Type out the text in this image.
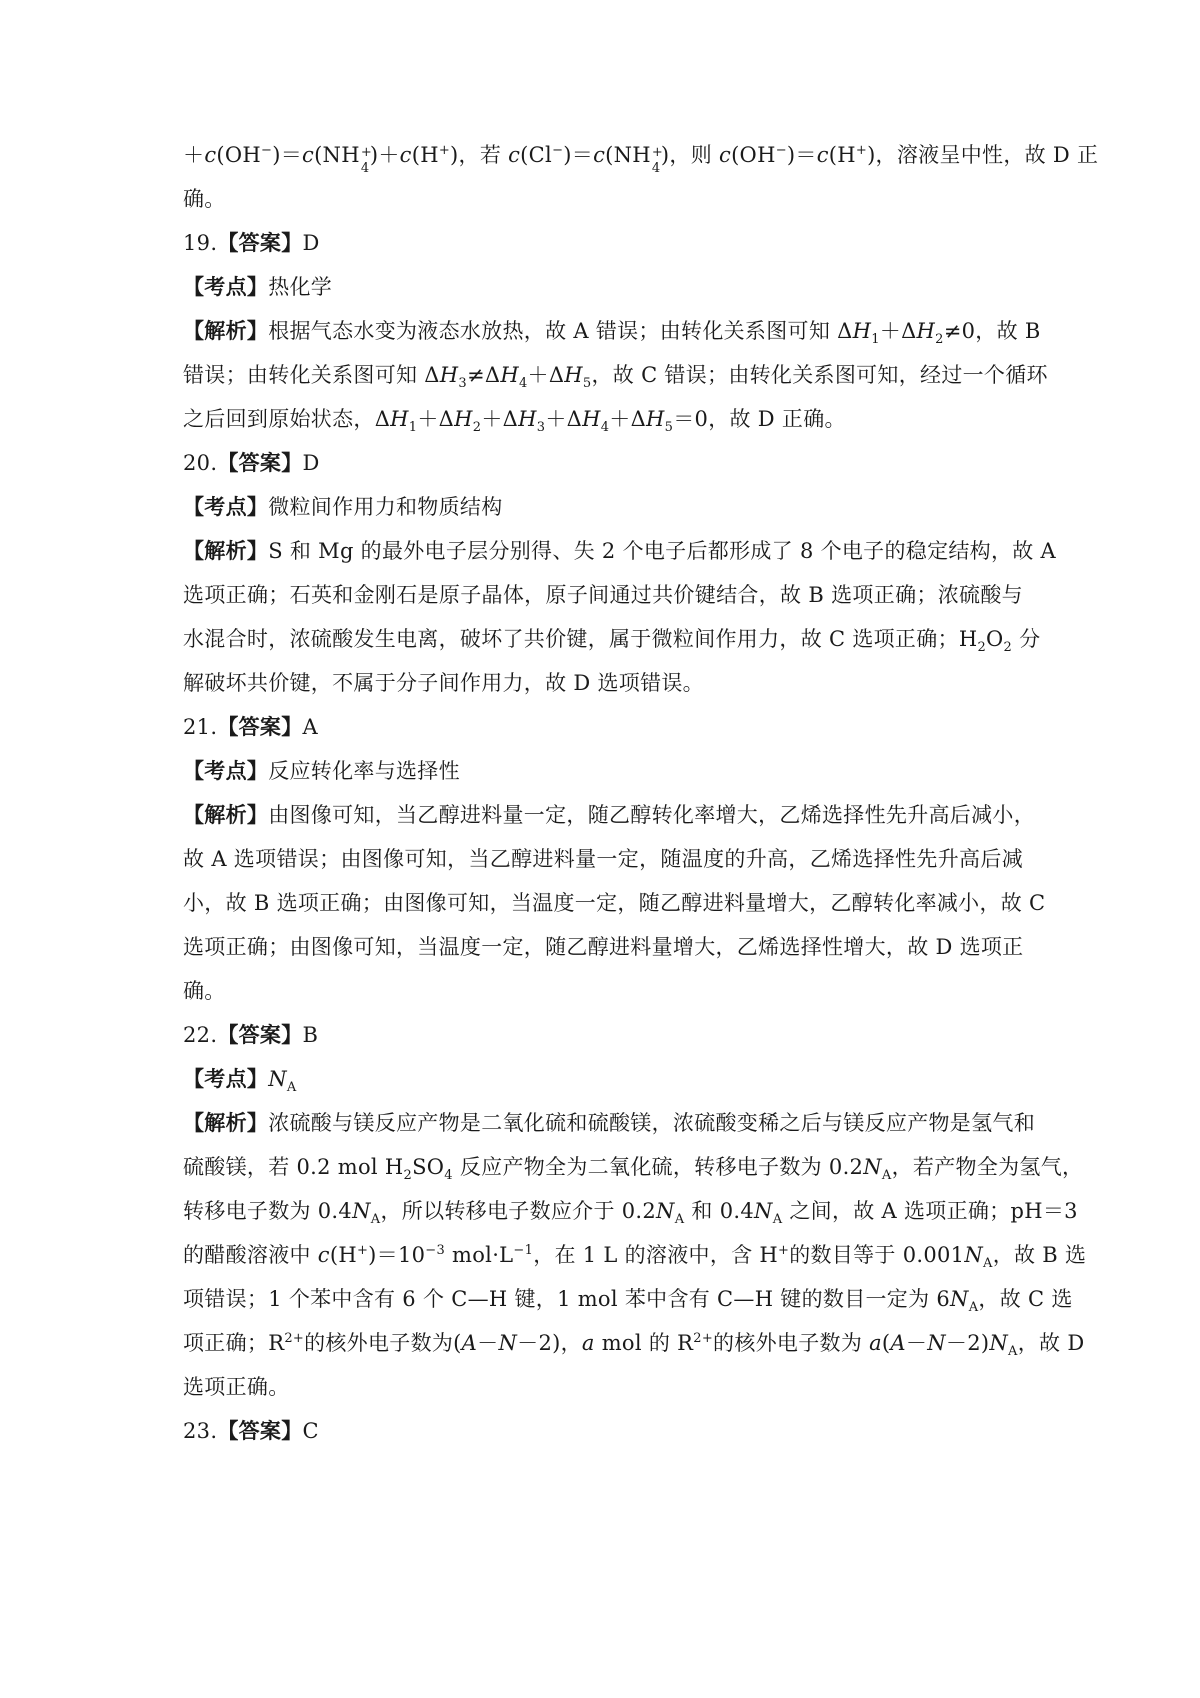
＋c(OH−)＝c(NH +
4
)＋c(H+)，若 c(Cl−)＝c(NH +
4
)，则 c(OH−)＝c(H+)，溶液呈中性，故 D 正
确。
19.【答案】D
【考点】热化学
【解析】根据气态水变为液态水放热，故 A 错误；由转化关系图可知 $\Delta H_1+\Delta H_2\ne 0$，故 B
错误；由转化关系图可知 $\Delta H_3\ne\Delta H_4+\Delta H_5$，故 C 错误；由转化关系图可知，经过一个循环
之后回到原始状态，$\Delta H_1+\Delta H_2+\Delta H_3+\Delta H_4+\Delta H_5=0$，故 D 正确。
20.【答案】D
【考点】微粒间作用力和物质结构
【解析】S 和 Mg 的最外电子层分别得、失 2 个电子后都形成了 8 个电子的稳定结构，故 A
选项正确；石英和金刚石是原子晶体，原子间通过共价键结合，故 B 选项正确；浓硫酸与
水混合时，浓硫酸发生电离，破坏了共价键，属于微粒间作用力，故 C 选项正确；$H_2O_2$ 分
解破坏共价键，不属于分子间作用力，故 D 选项错误。
21.【答案】A
【考点】反应转化率与选择性
【解析】由图像可知，当乙醇进料量一定，随乙醇转化率增大，乙烯选择性先升高后减小，
故 A 选项错误；由图像可知，当乙醇进料量一定，随温度的升高，乙烯选择性先升高后减
小，故 B 选项正确；由图像可知，当温度一定，随乙醇进料量增大，乙醇转化率减小，故 C
选项正确；由图像可知，当温度一定，随乙醇进料量增大，乙烯选择性增大，故 D 选项正
确。
22.【答案】B
【考点】$N_A$
【解析】浓硫酸与镁反应产物是二氧化硫和硫酸镁，浓硫酸变稀之后与镁反应产物是氢气和
硫酸镁，若 0.2 mol $H_2SO_4$ 反应产物全为二氧化硫，转移电子数为 $0.2N_A$，若产物全为氢气，
转移电子数为 $0.4N_A$，所以转移电子数应介于 $0.2N_A$ 和 $0.4N_A$ 之间，故 A 选项正确；pH＝3
的醋酸溶液中 $c(H^+)=10^{-3}$ $mol\cdot L^{-1}$，在 1 L 的溶液中，含 H+的数目等于 $0.001N_A$，故 B 选
项错误；1 个苯中含有 6 个 C—H 键，1 mol 苯中含有 C—H 键的数目一定为 $6N_A$，故 C 选
项正确；$R^{2+}$的核外电子数为(A－N－2)，a mol 的 $R^{2+}$的核外电子数为 $a(A-N-2)N_A$，故 D
选项正确。
23.【答案】C
